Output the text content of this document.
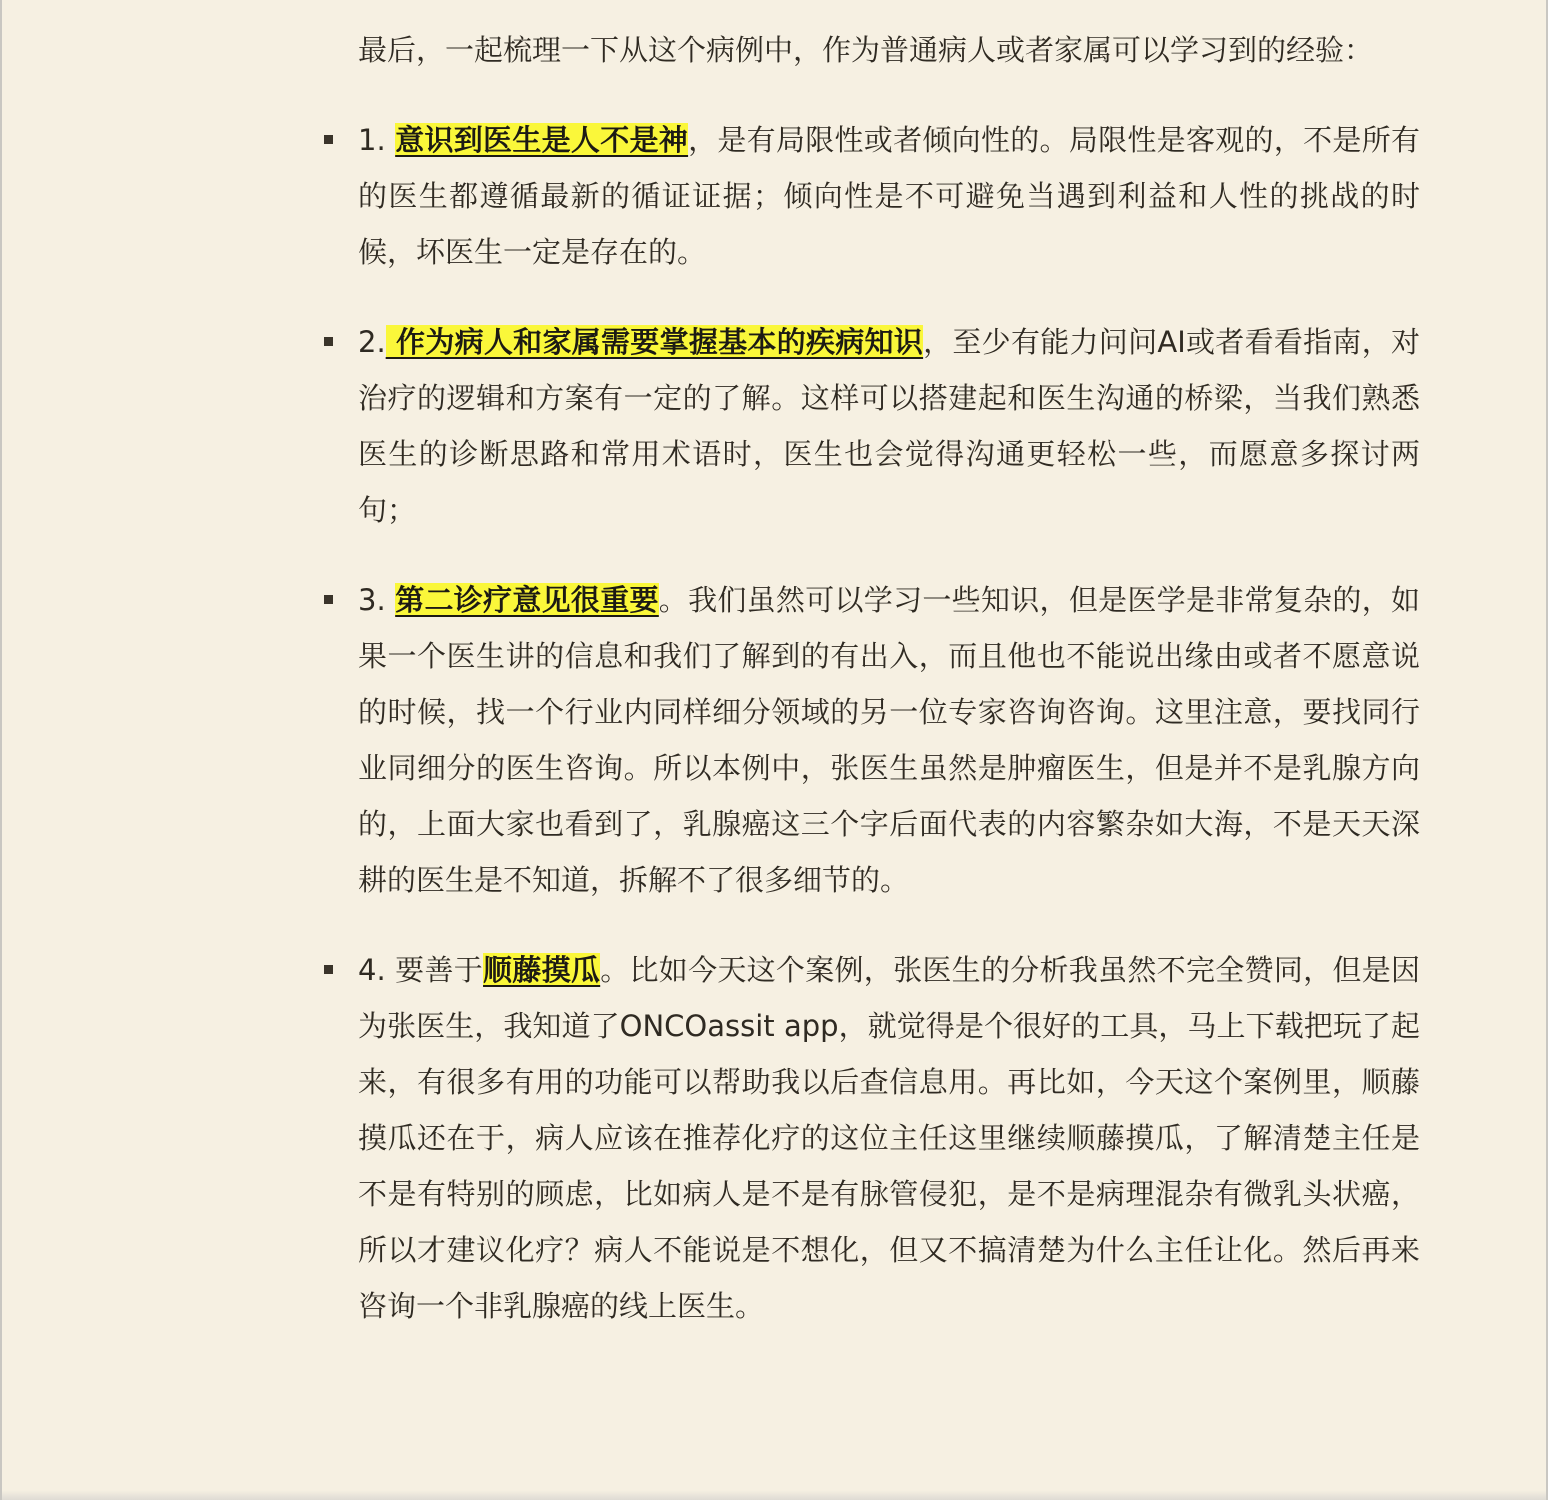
最后，一起梳理一下从这个病例中，作为普通病人或者家属可以学习到的经验：

1. 意识到医生是人不是神，是有局限性或者倾向性的。局限性是客观的，不是所有的医生都遵循最新的循证证据；倾向性是不可避免当遇到利益和人性的挑战的时候，坏医生一定是存在的。
2. 作为病人和家属需要掌握基本的疾病知识，至少有能力问问AI或者看看指南，对治疗的逻辑和方案有一定的了解。这样可以搭建起和医生沟通的桥梁，当我们熟悉医生的诊断思路和常用术语时，医生也会觉得沟通更轻松一些，而愿意多探讨两句；
3. 第二诊疗意见很重要。我们虽然可以学习一些知识，但是医学是非常复杂的，如果一个医生讲的信息和我们了解到的有出入，而且他也不能说出缘由或者不愿意说的时候，找一个行业内同样细分领域的另一位专家咨询咨询。这里注意，要找同行业同细分的医生咨询。所以本例中，张医生虽然是肿瘤医生，但是并不是乳腺方向的，上面大家也看到了，乳腺癌这三个字后面代表的内容繁杂如大海，不是天天深耕的医生是不知道，拆解不了很多细节的。
4. 要善于顺藤摸瓜。比如今天这个案例，张医生的分析我虽然不完全赞同，但是因为张医生，我知道了ONCOassit app，就觉得是个很好的工具，马上下载把玩了起来，有很多有用的功能可以帮助我以后查信息用。再比如，今天这个案例里，顺藤摸瓜还在于，病人应该在推荐化疗的这位主任这里继续顺藤摸瓜，了解清楚主任是不是有特别的顾虑，比如病人是不是有脉管侵犯，是不是病理混杂有微乳头状癌，所以才建议化疗？病人不能说是不想化，但又不搞清楚为什么主任让化。然后再来咨询一个非乳腺癌的线上医生。
